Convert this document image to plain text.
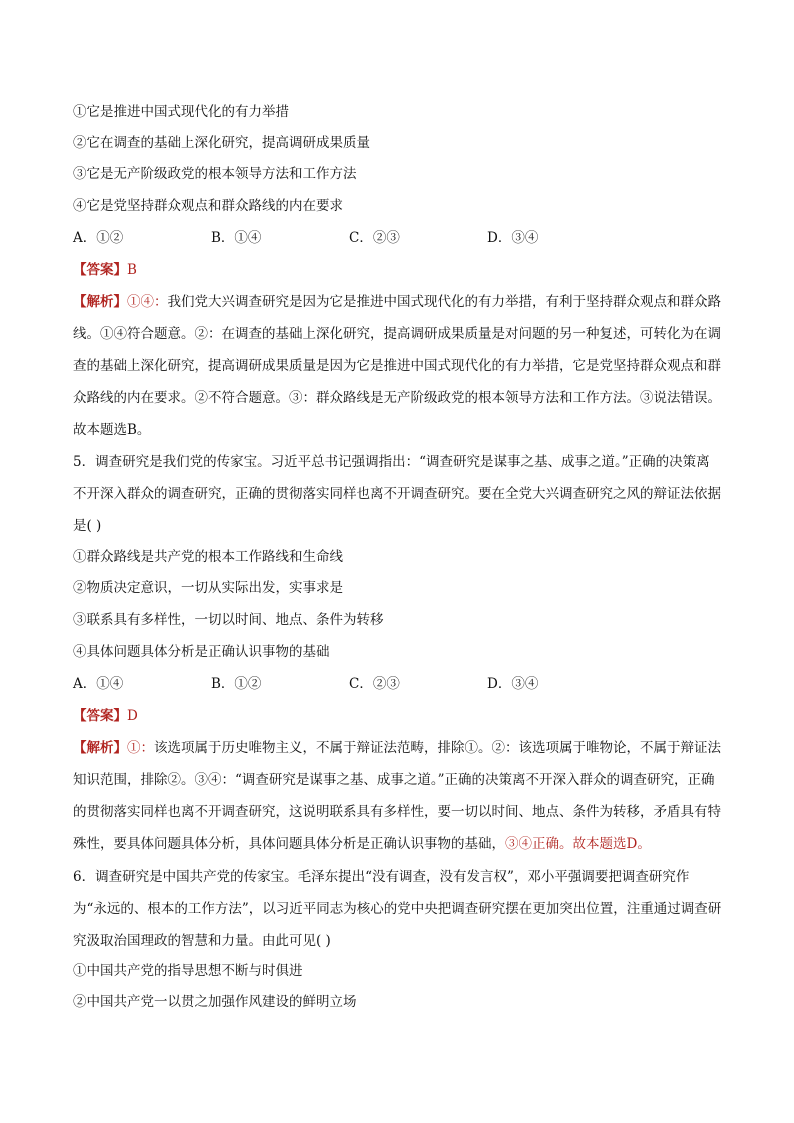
①它是推进中国式现代化的有力举措
②它在调查的基础上深化研究，提高调研成果质量
③它是无产阶级政党的根本领导方法和工作方法
④它是党坚持群众观点和群众路线的内在要求
A．①②	B．①④	C．②③	D．③④
【答案】B
【解析】①④：我们党大兴调查研究是因为它是推进中国式现代化的有力举措，有利于坚持群众观点和群众路线。①④符合题意。②：在调查的基础上深化研究，提高调研成果质量是对问题的另一种复述，可转化为在调查的基础上深化研究，提高调研成果质量是因为它是推进中国式现代化的有力举措，它是党坚持群众观点和群众路线的内在要求。②不符合题意。③：群众路线是无产阶级政党的根本领导方法和工作方法。③说法错误。故本题选B。
5．调查研究是我们党的传家宝。习近平总书记强调指出：“调查研究是谋事之基、成事之道。”正确的决策离不开深入群众的调查研究，正确的贯彻落实同样也离不开调查研究。要在全党大兴调查研究之风的辩证法依据是( )
①群众路线是共产党的根本工作路线和生命线
②物质决定意识，一切从实际出发，实事求是
③联系具有多样性，一切以时间、地点、条件为转移
④具体问题具体分析是正确认识事物的基础
A．①④	B．①②	C．②③	D．③④
【答案】D
【解析】①：该选项属于历史唯物主义，不属于辩证法范畴，排除①。②：该选项属于唯物论，不属于辩证法知识范围，排除②。③④：“调查研究是谋事之基、成事之道。”正确的决策离不开深入群众的调查研究，正确的贯彻落实同样也离不开调查研究，这说明联系具有多样性，要一切以时间、地点、条件为转移，矛盾具有特殊性，要具体问题具体分析，具体问题具体分析是正确认识事物的基础，③④正确。故本题选D。
6．调查研究是中国共产党的传家宝。毛泽东提出“没有调查，没有发言权”，邓小平强调要把调查研究作为“永远的、根本的工作方法”，以习近平同志为核心的党中央把调查研究摆在更加突出位置，注重通过调查研究汲取治国理政的智慧和力量。由此可见( )
①中国共产党的指导思想不断与时俱进
②中国共产党一以贯之加强作风建设的鲜明立场
